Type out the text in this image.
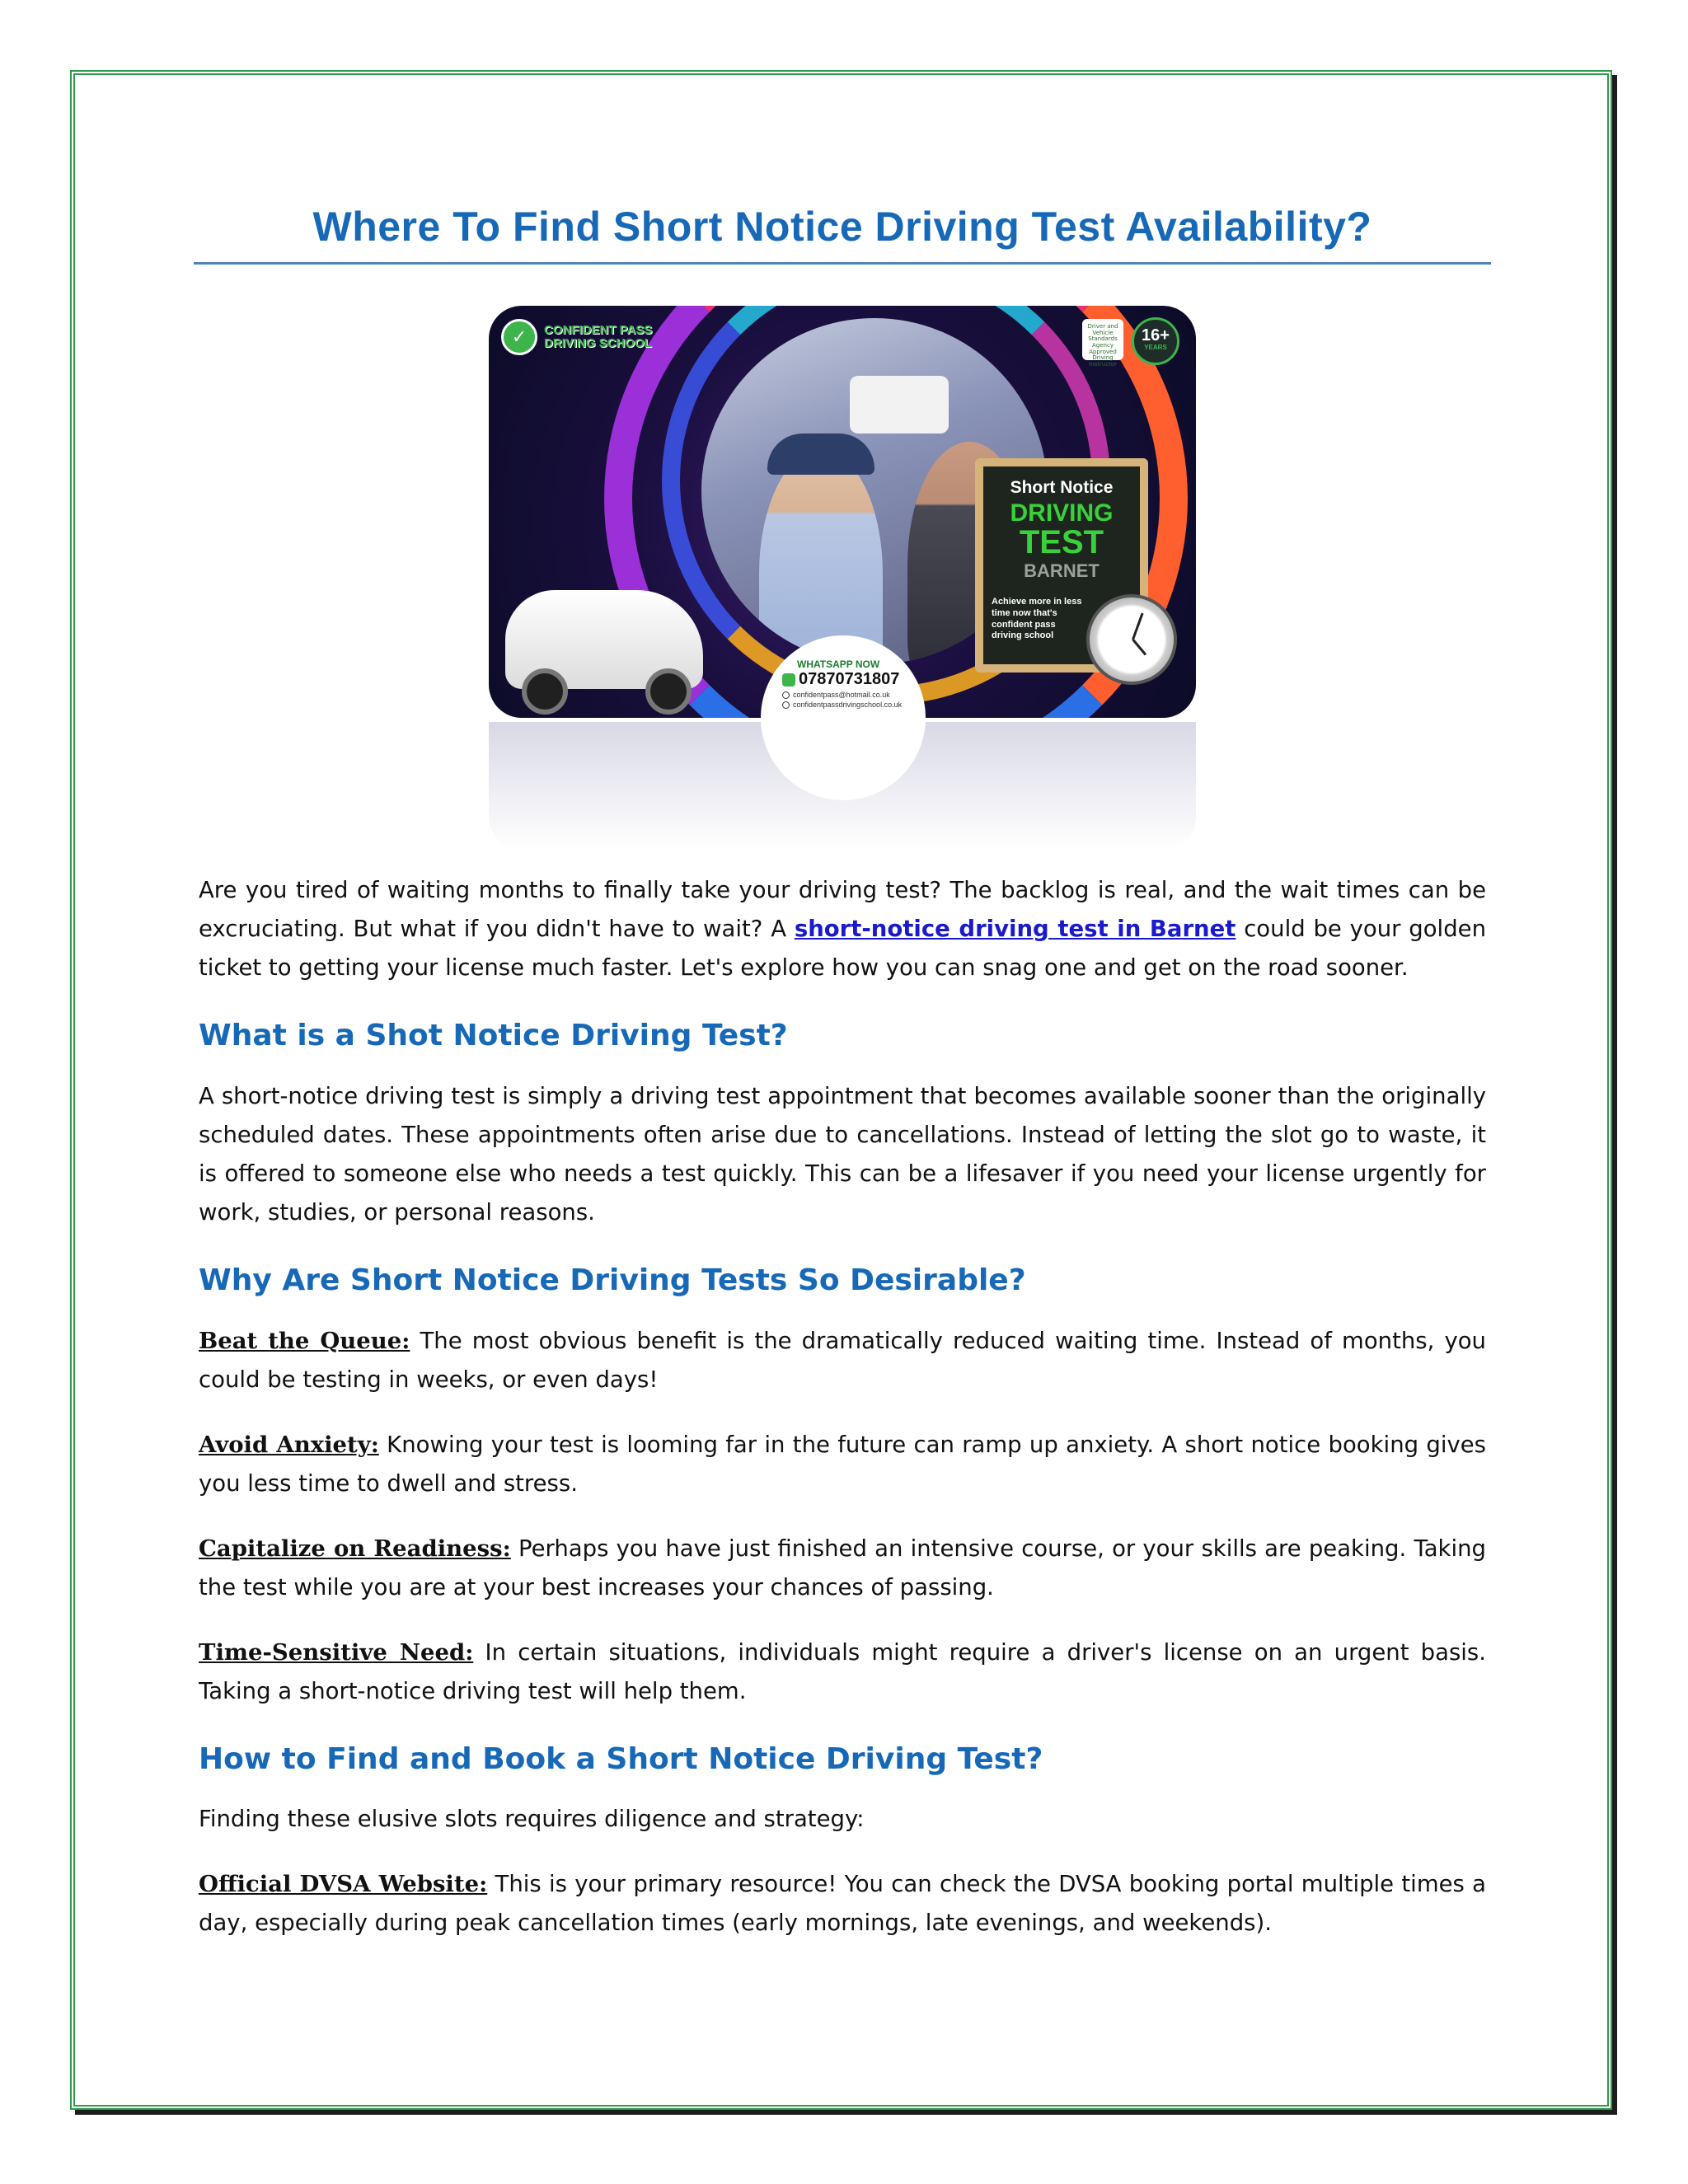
Where To Find Short Notice Driving Test Availability?
✓	CONFIDENT PASS
DRIVING SCHOOL
Driver and Vehicle Standards Agency Approved Driving Instructor
16+
YEARS
Short Notice
DRIVING
TEST
BARNET
Achieve more in less time now that's confident pass driving school
WHATSAPP NOW
07870731807
confidentpass@hotmail.co.uk
confidentpassdrivingschool.co.uk

Are you tired of waiting months to finally take your driving test? The backlog is real, and the wait times can be excruciating. But what if you didn't have to wait? A short-notice driving test in Barnet could be your golden ticket to getting your license much faster. Let's explore how you can snag one and get on the road sooner.

What is a Shot Notice Driving Test?

A short-notice driving test is simply a driving test appointment that becomes available sooner than the originally scheduled dates. These appointments often arise due to cancellations. Instead of letting the slot go to waste, it is offered to someone else who needs a test quickly. This can be a lifesaver if you need your license urgently for work, studies, or personal reasons.

Why Are Short Notice Driving Tests So Desirable?

Beat the Queue: The most obvious benefit is the dramatically reduced waiting time. Instead of months, you could be testing in weeks, or even days!

Avoid Anxiety: Knowing your test is looming far in the future can ramp up anxiety. A short notice booking gives you less time to dwell and stress.

Capitalize on Readiness: Perhaps you have just finished an intensive course, or your skills are peaking. Taking the test while you are at your best increases your chances of passing.

Time-Sensitive Need: In certain situations, individuals might require a driver's license on an urgent basis. Taking a short-notice driving test will help them.

How to Find and Book a Short Notice Driving Test?

Finding these elusive slots requires diligence and strategy:

Official DVSA Website: This is your primary resource! You can check the DVSA booking portal multiple times a day, especially during peak cancellation times (early mornings, late evenings, and weekends).
